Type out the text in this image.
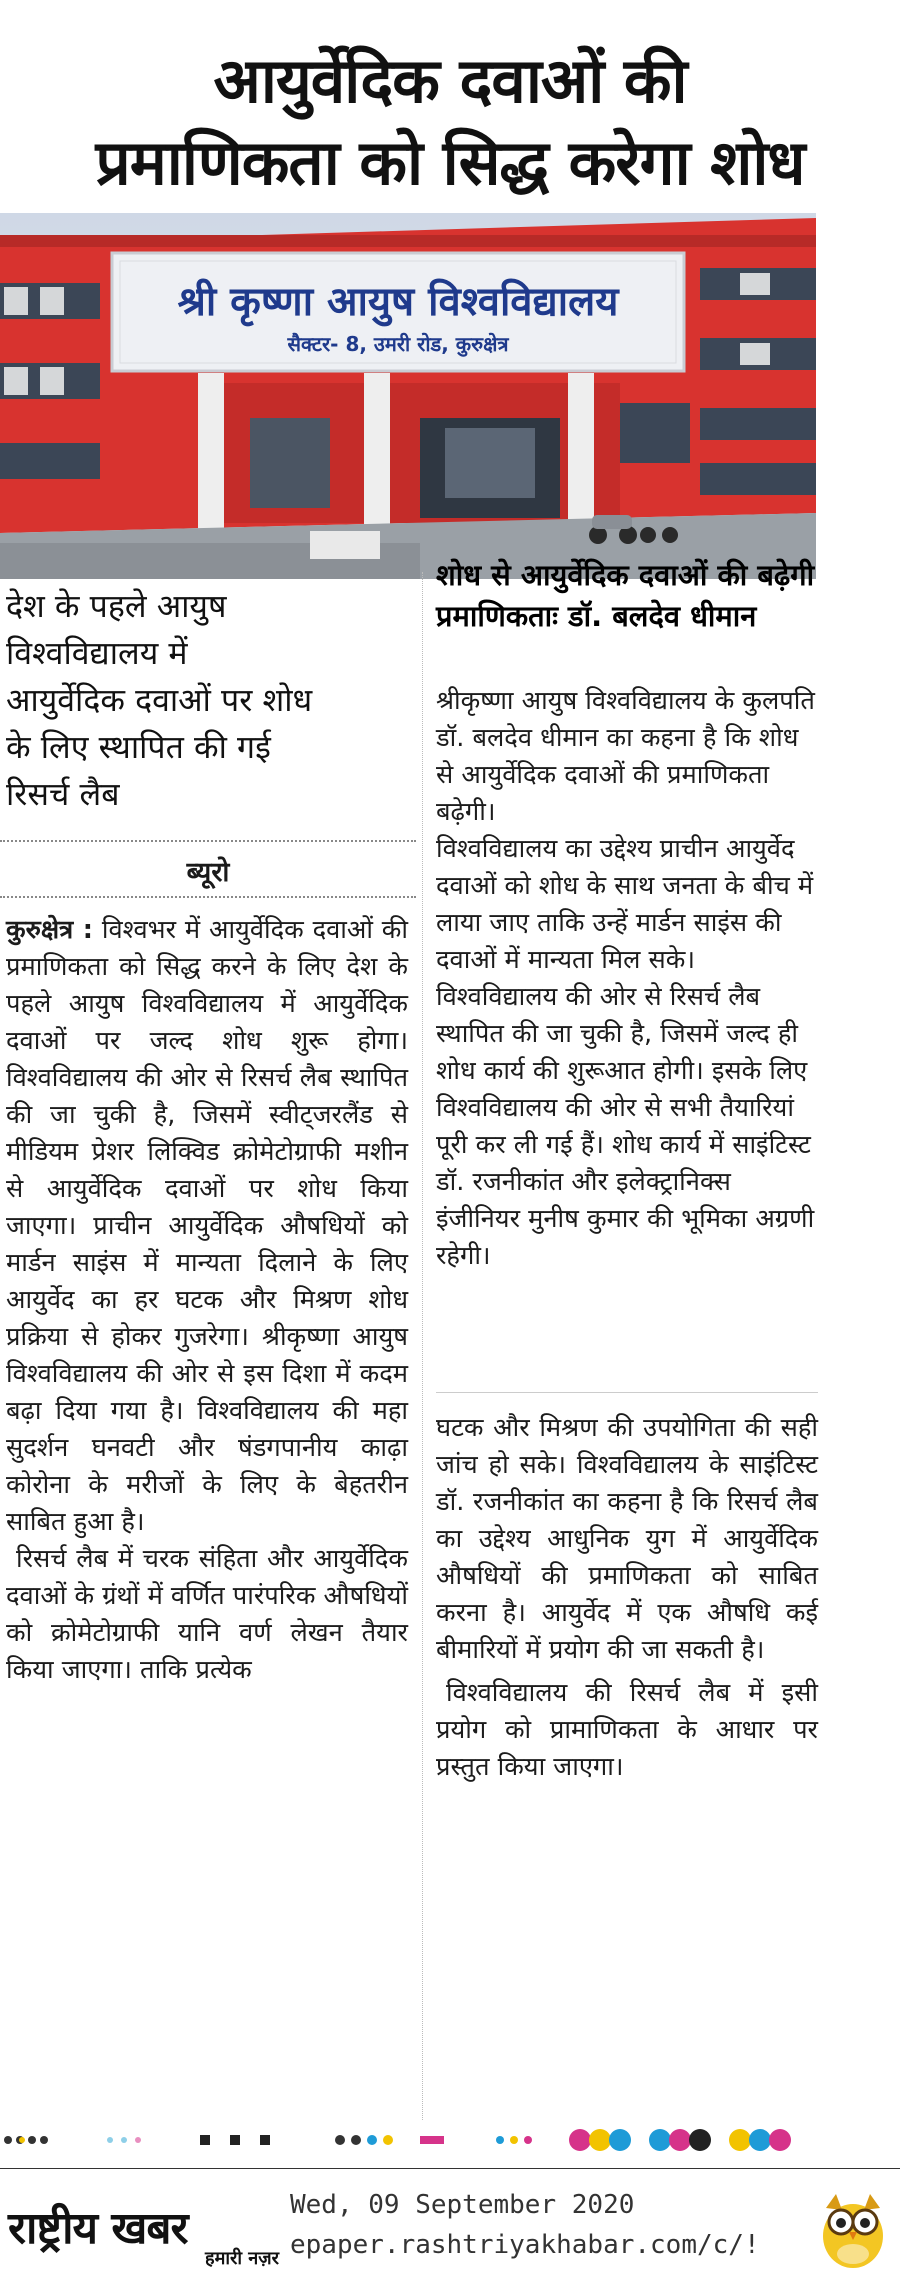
आयुर्वेदिक दवाओं की
प्रमाणिकता को सिद्ध करेगा शोध
श्री कृष्णा आयुष विश्वविद्यालय
सैक्टर- 8, उमरी रोड, कुरुक्षेत्र
देश के पहले आयुष
विश्वविद्यालय में
आयुर्वेदिक दवाओं पर शोध
के लिए स्थापित की गई
रिसर्च लैब
ब्यूरो

कुरुक्षेत्र : विश्वभर में आयुर्वेदिक दवाओं की प्रमाणिकता को सिद्ध करने के लिए देश के पहले आयुष विश्वविद्यालय में आयुर्वेदिक दवाओं पर जल्द शोध शुरू होगा। विश्वविद्यालय की ओर से रिसर्च लैब स्थापित की जा चुकी है, जिसमें स्वीट्जरलैंड से मीडियम प्रेशर लिक्विड क्रोमेटोग्राफी मशीन से आयुर्वेदिक दवाओं पर शोध किया जाएगा। प्राचीन आयुर्वेदिक औषधियों को मार्डन साइंस में मान्यता दिलाने के लिए आयुर्वेद का हर घटक और मिश्रण शोध प्रक्रिया से होकर गुजरेगा। श्रीकृष्णा आयुष विश्वविद्यालय की ओर से इस दिशा में कदम बढ़ा दिया गया है। विश्वविद्यालय की महा सुदर्शन घनवटी और षंडगपानीय काढ़ा कोरोना के मरीजों के लिए के बेहतरीन साबित हुआ है।

रिसर्च लैब में चरक संहिता और आयुर्वेदिक दवाओं के ग्रंथों में वर्णित पारंपरिक औषधियों को क्रोमेटोग्राफी यानि वर्ण लेखन तैयार किया जाएगा। ताकि प्रत्येक

शोध से आयुर्वेदिक दवाओं की बढ़ेगी प्रमाणिकताः डॉ. बलदेव धीमान

श्रीकृष्णा आयुष विश्वविद्यालय के कुलपति डॉ. बलदेव धीमान का कहना है कि शोध से आयुर्वेदिक दवाओं की प्रमाणिकता बढ़ेगी।

विश्वविद्यालय का उद्देश्य प्राचीन आयुर्वेद दवाओं को शोध के साथ जनता के बीच में लाया जाए ताकि उन्हें मार्डन साइंस की दवाओं में मान्यता मिल सके। विश्वविद्यालय की ओर से रिसर्च लैब स्थापित की जा चुकी है, जिसमें जल्द ही शोध कार्य की शुरूआत होगी। इसके लिए विश्वविद्यालय की ओर से सभी तैयारियां पूरी कर ली गई हैं। शोध कार्य में साइंटिस्ट डॉ. रजनीकांत और इलेक्ट्रानिक्स इंजीनियर मुनीष कुमार की भूमिका अग्रणी रहेगी।

घटक और मिश्रण की उपयोगिता की सही जांच हो सके। विश्वविद्यालय के साइंटिस्ट डॉ. रजनीकांत का कहना है कि रिसर्च लैब का उद्देश्य आधुनिक युग में आयुर्वेदिक औषधियों की प्रमाणिकता को साबित करना है। आयुर्वेद में एक औषधि कई बीमारियों में प्रयोग की जा सकती है।

विश्वविद्यालय की रिसर्च लैब में इसी प्रयोग को प्रामाणिकता के आधार पर प्रस्तुत किया जाएगा।

राष्ट्रीय खबर
हमारी नज़र
Wed, 09 September 2020
epaper.rashtriyakhabar.com/c/!
